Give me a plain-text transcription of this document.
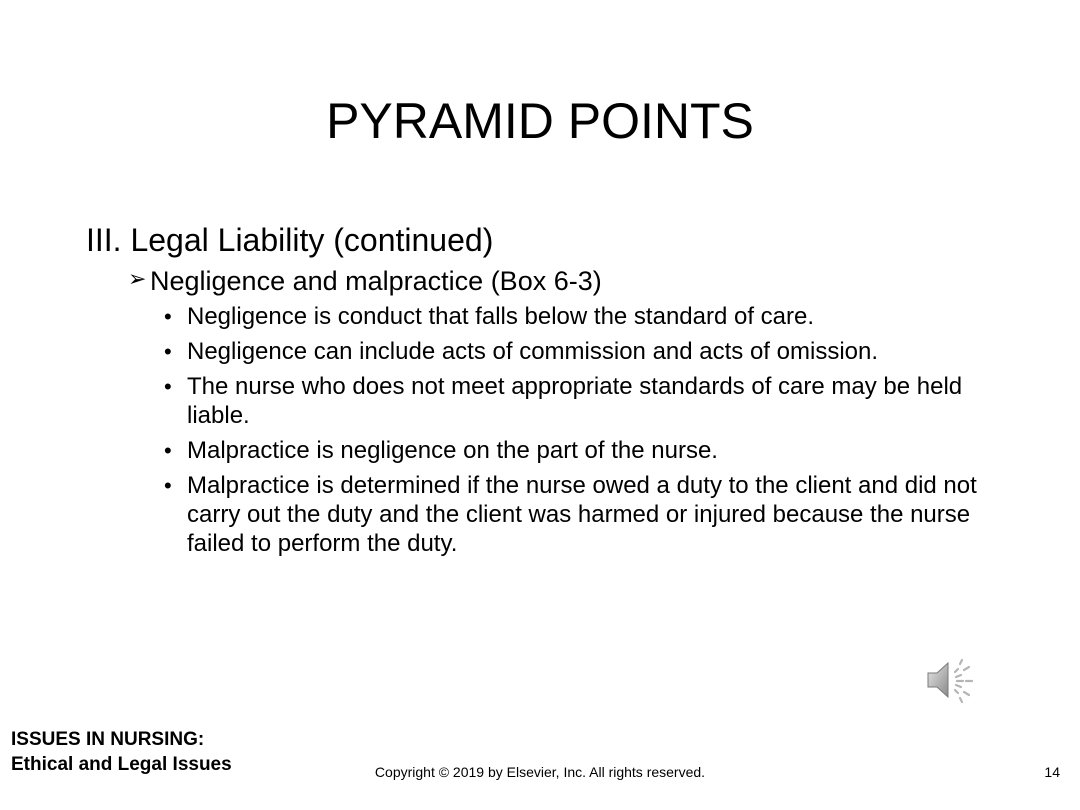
PYRAMID POINTS

III. Legal Liability (continued)

➢ Negligence and malpractice (Box 6-3)
• Negligence is conduct that falls below the standard of care.
• Negligence can include acts of commission and acts of omission.
• The nurse who does not meet appropriate standards of care may be held liable.
• Malpractice is negligence on the part of the nurse.
• Malpractice is determined if the nurse owed a duty to the client and did not carry out the duty and the client was harmed or injured because the nurse failed to perform the duty.
ISSUES IN NURSING:
Ethical and Legal Issues	Copyright © 2019 by Elsevier, Inc. All rights reserved.	14
